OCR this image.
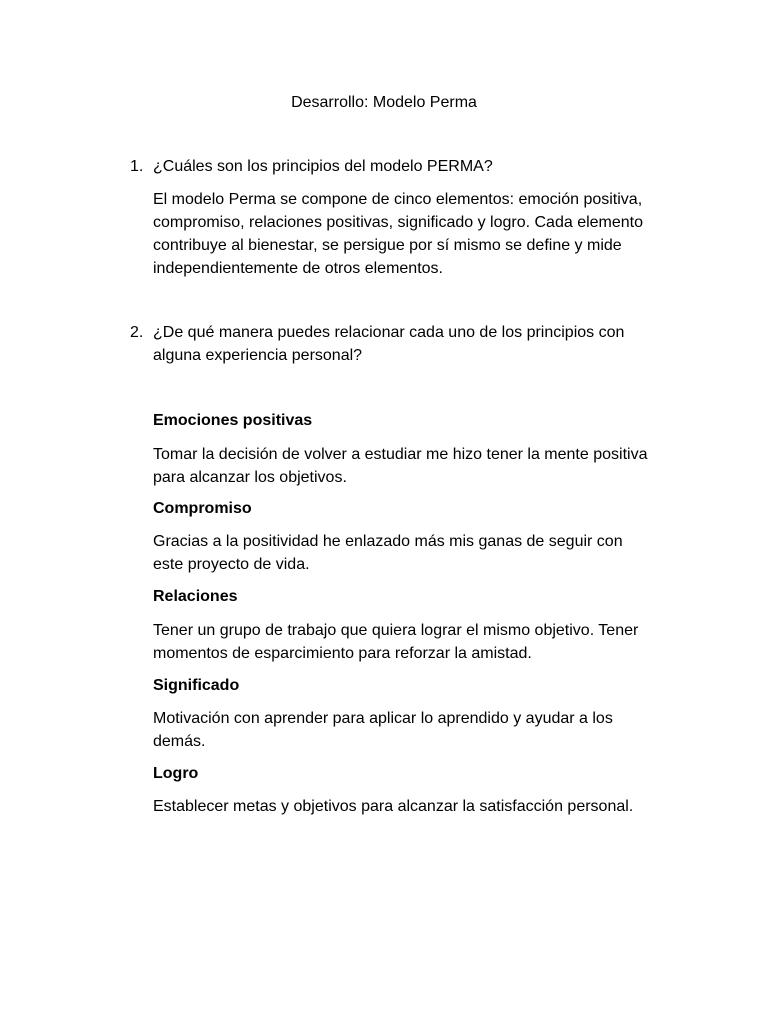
Desarrollo: Modelo Perma
1. ¿Cuáles son los principios del modelo PERMA?

El modelo Perma se compone de cinco elementos: emoción positiva, compromiso, relaciones positivas, significado y logro. Cada elemento contribuye al bienestar, se persigue por sí mismo se define y mide independientemente de otros elementos.

2. ¿De qué manera puedes relacionar cada uno de los principios con alguna experiencia personal?
Emociones positivas

Tomar la decisión de volver a estudiar me hizo tener la mente positiva para alcanzar los objetivos.

Compromiso

Gracias a la positividad he enlazado más mis ganas de seguir con este proyecto de vida.

Relaciones

Tener un grupo de trabajo que quiera lograr el mismo objetivo. Tener momentos de esparcimiento para reforzar la amistad.

Significado

Motivación con aprender para aplicar lo aprendido y ayudar a los demás.

Logro

Establecer metas y objetivos para alcanzar la satisfacción personal.
